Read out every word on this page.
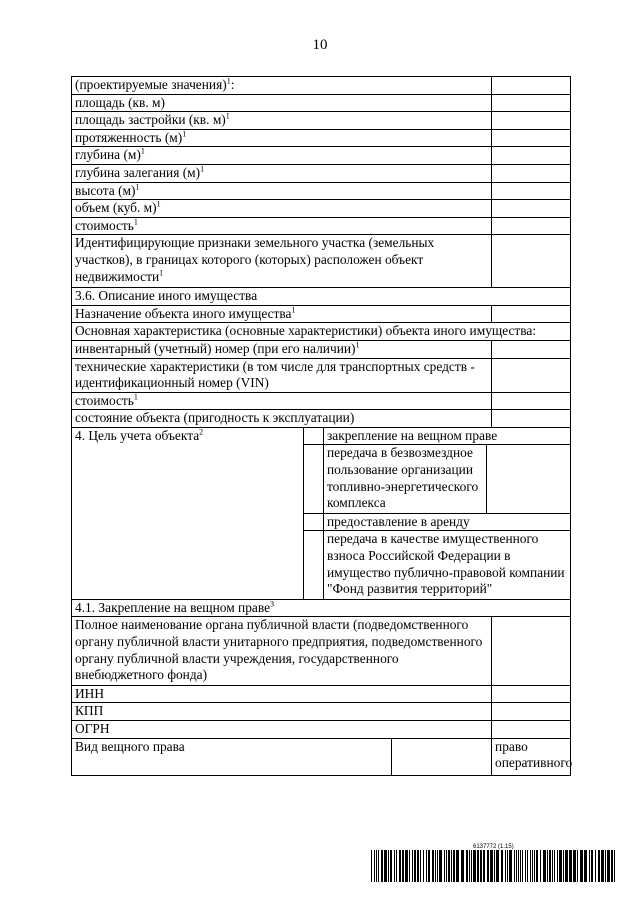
10
(проектируемые значения)$^1$:					
площадь (кв. м)					
площадь застройки (кв. м)$^1$	
протяженность $(м)^1$	
глубина $(м)^1$	
глубина залегания $(м)^1$	
высота $(м)^1$	
объем (куб. м)$^1$	
стоимость$^1$	
Идентифицирующие признаки земельного участка (земельных участков), в границах которого (которых) расположен объект недвижимости$^1$	
3.6. Описание иного имущества					
Назначение объекта иного имущества$^1$	
Основная характеристика (основные характеристики) объекта иного имущества:					
инвентарный (учетный) номер (при его наличии)$^1$	
технические характеристики (в том числе для транспортных средств - идентификационный номер (VIN)					
стоимость$^1$	
состояние объекта (пригодность к эксплуатации)					
4. Цель учета объекта$^2$		закрепление на вещном праве			
		передача в безвозмездное пользование организации топливно-энергетического комплекса			
		предоставление в аренду			
		передача в качестве имущественного взноса Российской Федерации в имущество публично-правовой компании "Фонд развития территорий"			
4.1. Закрепление на вещном праве$^3$
Полное наименование органа публичной власти (подведомственного органу публичной власти унитарного предприятия, подведомственного органу публичной власти учреждения, государственного внебюджетного фонда)					
ИНН					
КПП					
ОГРН					
Вид вещного права					право оперативного
6137772 (1.15)
